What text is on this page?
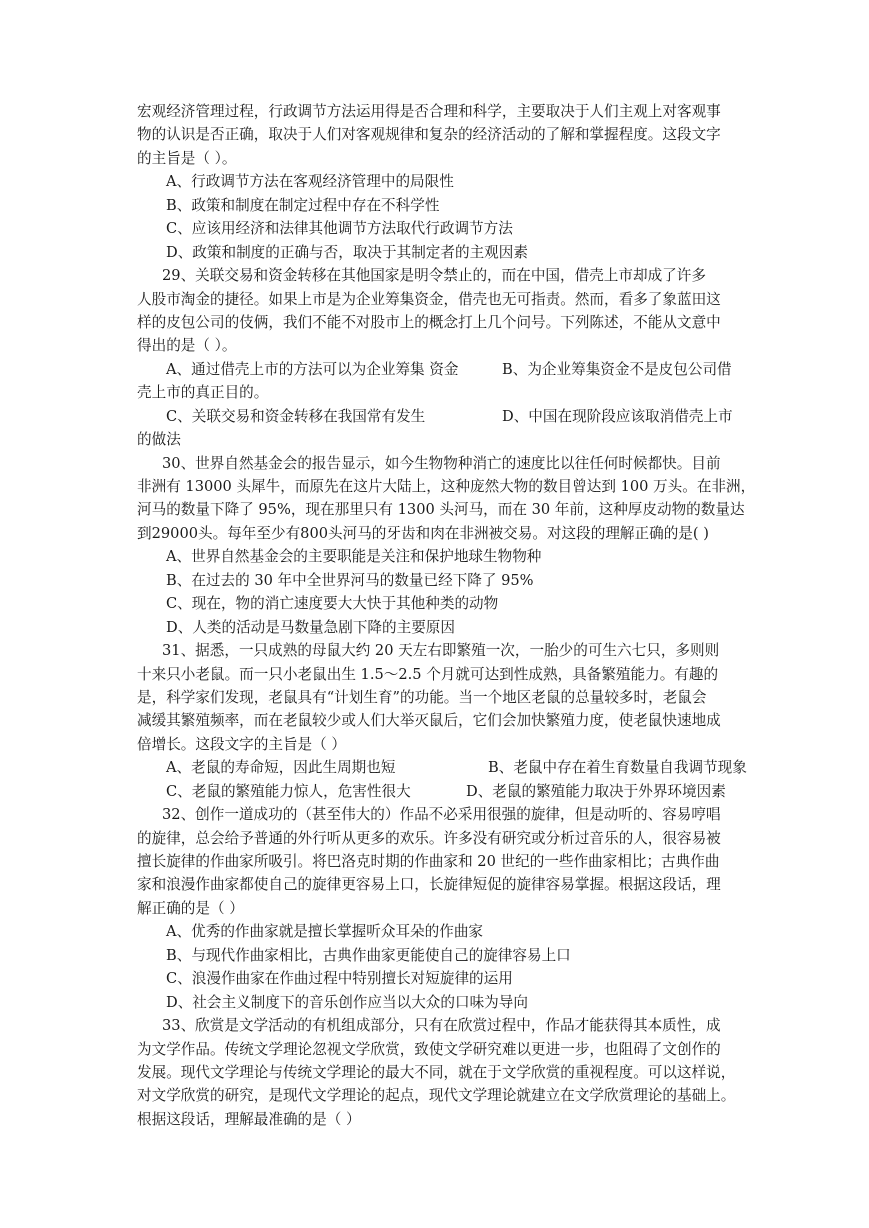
宏观经济管理过程，行政调节方法运用得是否合理和科学，主要取决于人们主观上对客观事

物的认识是否正确，取决于人们对客观规律和复杂的经济活动的了解和掌握程度。这段文字

的主旨是（ ）。

A、行政调节方法在客观经济管理中的局限性

B、政策和制度在制定过程中存在不科学性

C、应该用经济和法律其他调节方法取代行政调节方法

D、政策和制度的正确与否，取决于其制定者的主观因素

29、关联交易和资金转移在其他国家是明令禁止的，而在中国，借壳上市却成了许多

人股市淘金的捷径。如果上市是为企业筹集资金，借壳也无可指责。然而，看多了象蓝田这

样的皮包公司的伎俩，我们不能不对股市上的概念打上几个问号。下列陈述，不能从文意中

得出的是（ ）。

A、通过借壳上市的方法可以为企业筹集 资金	B、为企业筹集资金不是皮包公司借

壳上市的真正目的。

C、关联交易和资金转移在我国常有发生	D、中国在现阶段应该取消借壳上市

的做法

30、世界自然基金会的报告显示，如今生物物种消亡的速度比以往任何时候都快。目前

非洲有 13000 头犀牛，而原先在这片大陆上，这种庞然大物的数目曾达到 100 万头。在非洲，

河马的数量下降了 95%，现在那里只有 1300 头河马，而在 30 年前，这种厚皮动物的数量达

到29000头。每年至少有800头河马的牙齿和肉在非洲被交易。对这段的理解正确的是( )

A、世界自然基金会的主要职能是关注和保护地球生物物种

B、在过去的 30 年中全世界河马的数量已经下降了 95%

C、现在，物的消亡速度要大大快于其他种类的动物

D、人类的活动是马数量急剧下降的主要原因

31、据悉，一只成熟的母鼠大约 20 天左右即繁殖一次，一胎少的可生六七只，多则则

十来只小老鼠。而一只小老鼠出生 1.5～2.5 个月就可达到性成熟，具备繁殖能力。有趣的

是，科学家们发现，老鼠具有“计划生育”的功能。当一个地区老鼠的总量较多时，老鼠会

减缓其繁殖频率，而在老鼠较少或人们大举灭鼠后，它们会加快繁殖力度，使老鼠快速地成

倍增长。这段文字的主旨是（ ）

A、老鼠的寿命短，因此生周期也短	B、老鼠中存在着生育数量自我调节现象
C、老鼠的繁殖能力惊人，危害性很大	D、老鼠的繁殖能力取决于外界环境因素

32、创作一道成功的（甚至伟大的）作品不必采用很强的旋律，但是动听的、容易哼唱

的旋律，总会给予普通的外行听从更多的欢乐。许多没有研究或分析过音乐的人，很容易被

擅长旋律的作曲家所吸引。将巴洛克时期的作曲家和 20 世纪的一些作曲家相比；古典作曲

家和浪漫作曲家都使自己的旋律更容易上口，长旋律短促的旋律容易掌握。根据这段话，理

解正确的是（ ）

A、优秀的作曲家就是擅长掌握听众耳朵的作曲家

B、与现代作曲家相比，古典作曲家更能使自己的旋律容易上口

C、浪漫作曲家在作曲过程中特别擅长对短旋律的运用

D、社会主义制度下的音乐创作应当以大众的口味为导向

33、欣赏是文学活动的有机组成部分，只有在欣赏过程中，作品才能获得其本质性，成

为文学作品。传统文学理论忽视文学欣赏，致使文学研究难以更进一步，也阻碍了文创作的

发展。现代文学理论与传统文学理论的最大不同，就在于文学欣赏的重视程度。可以这样说，

对文学欣赏的研究，是现代文学理论的起点，现代文学理论就建立在文学欣赏理论的基础上。

根据这段话，理解最准确的是（ ）
